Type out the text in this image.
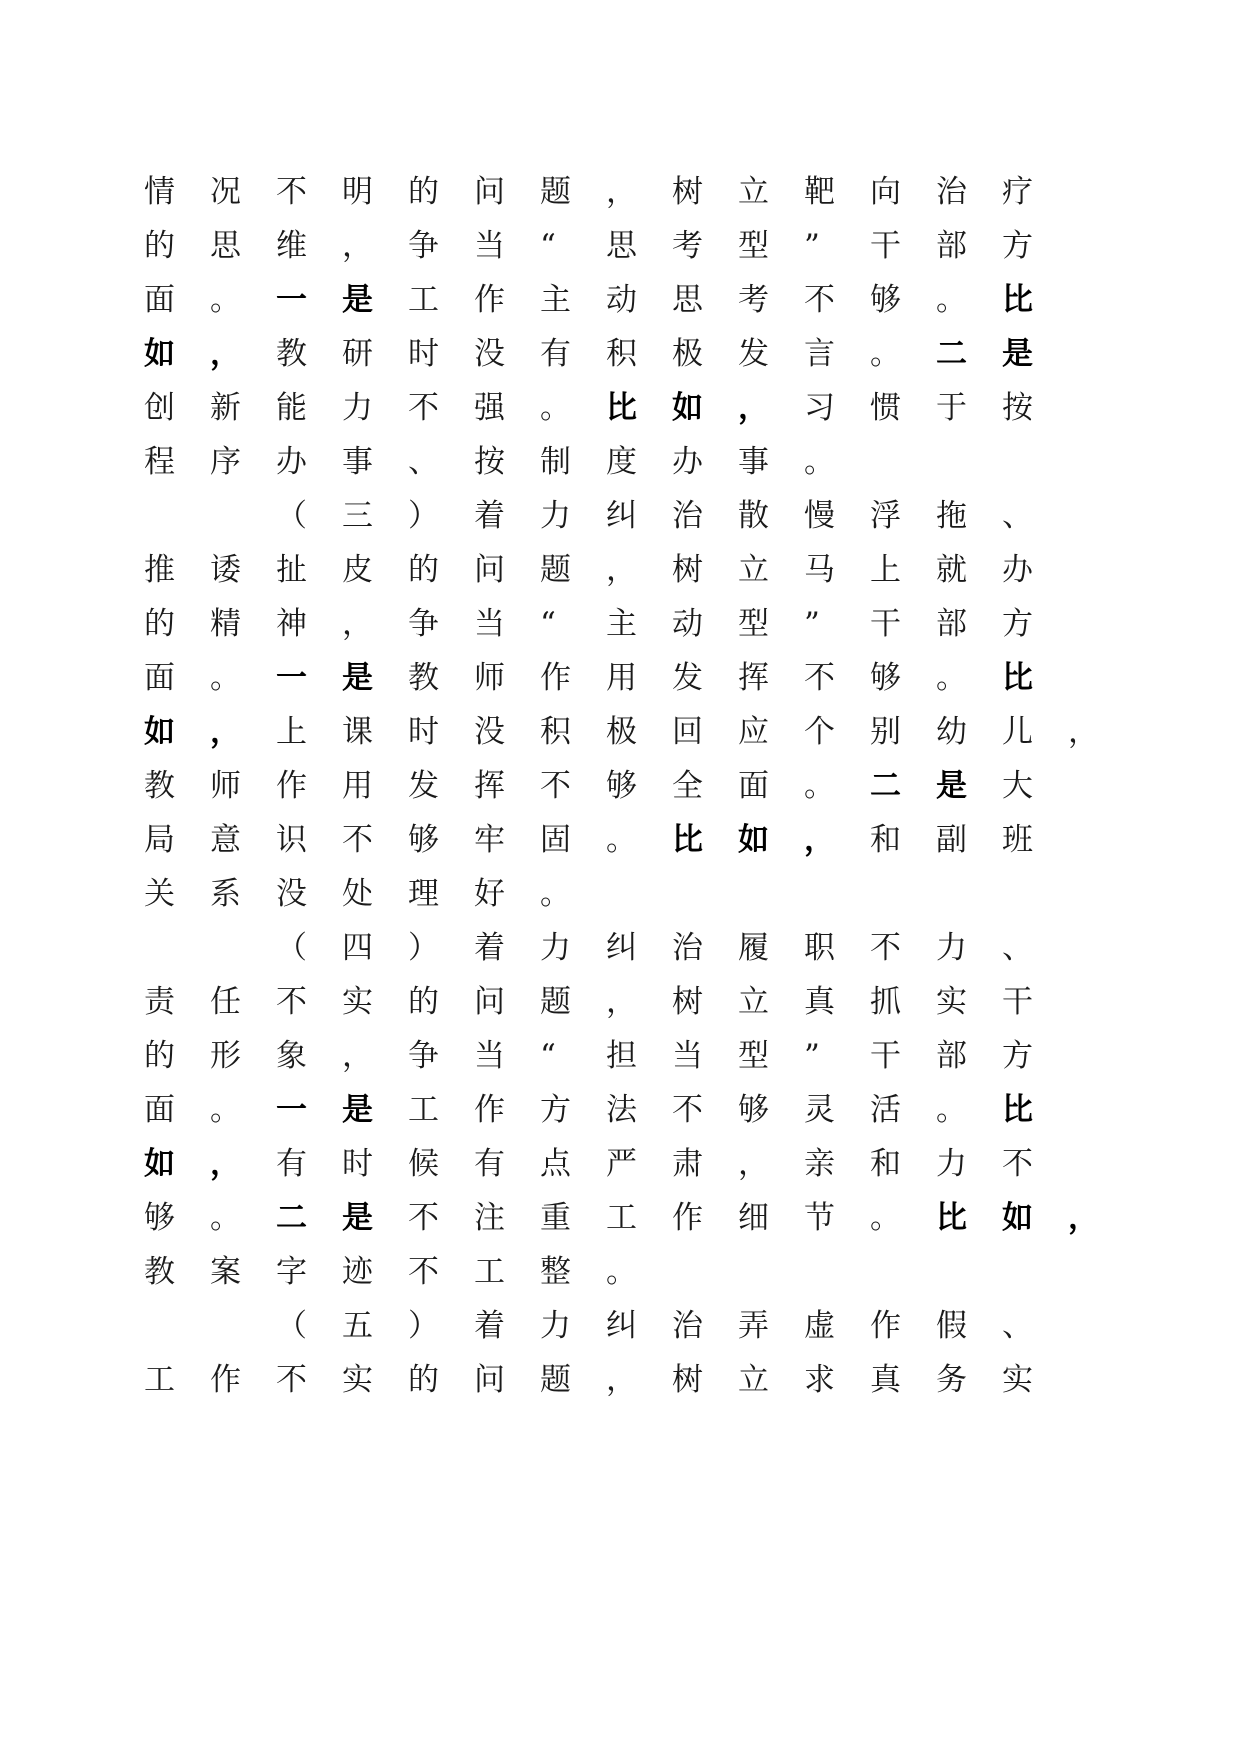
情 况 不 明 的 问 题 ， 树 立 靶 向 治 疗
的 思 维 ， 争 当 “ 思 考 型 ” 干 部 方
面 。 一 是 工 作 主 动 思 考 不 够 。 比
如 ， 教 研 时 没 有 积 极 发 言 。 二 是
创 新 能 力 不 强 。 比 如 ， 习 惯 于 按
程 序 办 事 、 按 制 度 办 事 。
（ 三 ） 着 力 纠 治 散 慢 浮 拖 、
推 诿 扯 皮 的 问 题 ， 树 立 马 上 就 办
的 精 神 ， 争 当 “ 主 动 型 ” 干 部 方
面 。 一 是 教 师 作 用 发 挥 不 够 。 比
如 ， 上 课 时 没 积 极 回 应 个 别 幼 儿 ，
教 师 作 用 发 挥 不 够 全 面 。 二 是 大
局 意 识 不 够 牢 固 。 比 如 ， 和 副 班
关 系 没 处 理 好 。
（ 四 ） 着 力 纠 治 履 职 不 力 、
责 任 不 实 的 问 题 ， 树 立 真 抓 实 干
的 形 象 ， 争 当 “ 担 当 型 ” 干 部 方
面 。 一 是 工 作 方 法 不 够 灵 活 。 比
如 ， 有 时 候 有 点 严 肃 ， 亲 和 力 不
够 。 二 是 不 注 重 工 作 细 节 。 比 如 ，
教 案 字 迹 不 工 整 。
（ 五 ） 着 力 纠 治 弄 虚 作 假 、
工 作 不 实 的 问 题 ， 树 立 求 真 务 实
